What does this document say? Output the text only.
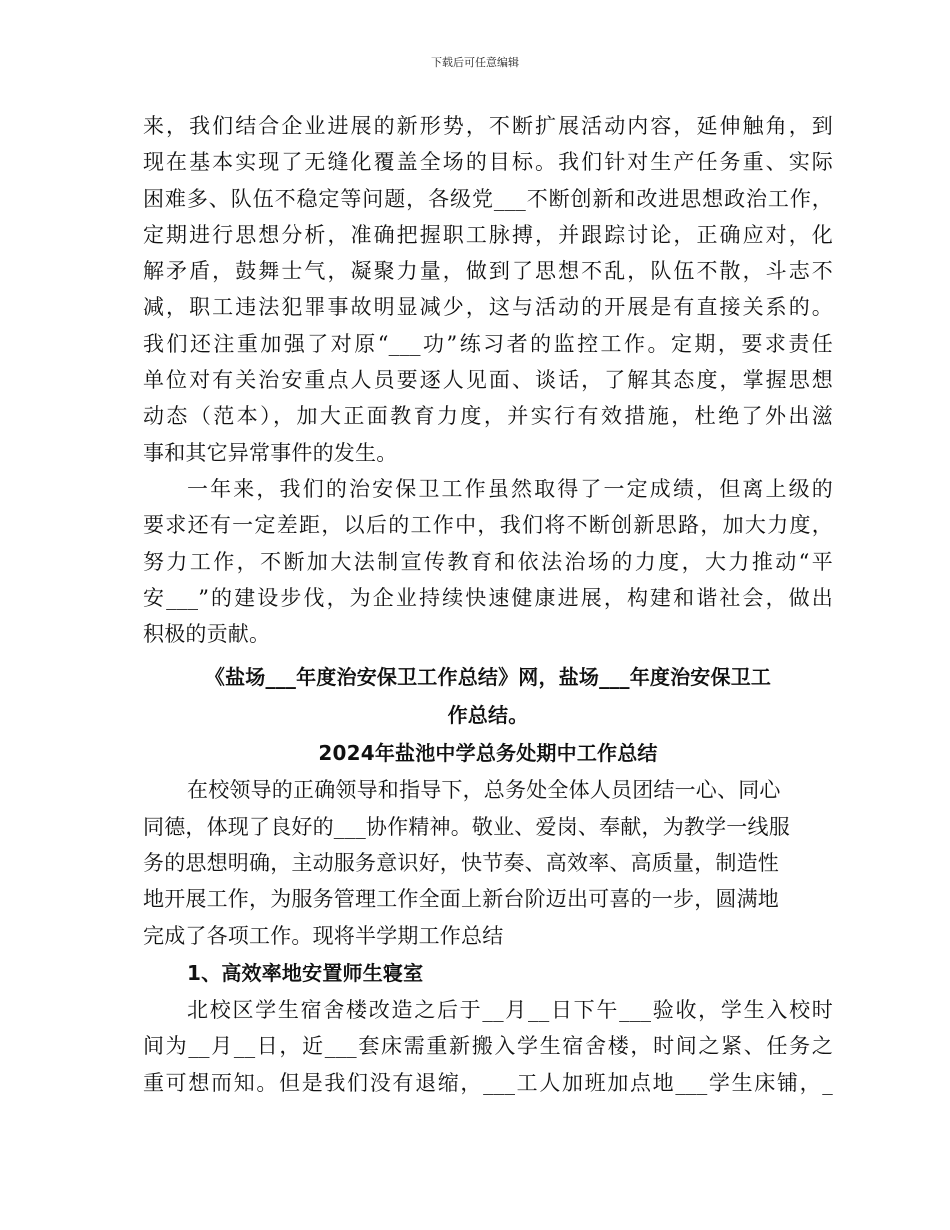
下载后可任意编辑
来，我们结合企业进展的新形势，不断扩展活动内容，延伸触角，到
现在基本实现了无缝化覆盖全场的目标。我们针对生产任务重、实际
困难多、队伍不稳定等问题，各级党___不断创新和改进思想政治工作，
定期进行思想分析，准确把握职工脉搏，并跟踪讨论，正确应对，化
解矛盾，鼓舞士气，凝聚力量，做到了思想不乱，队伍不散，斗志不
减，职工违法犯罪事故明显减少，这与活动的开展是有直接关系的。
我们还注重加强了对原“___功”练习者的监控工作。定期，要求责任
单位对有关治安重点人员要逐人见面、谈话，了解其态度，掌握思想
动态（范本），加大正面教育力度，并实行有效措施，杜绝了外出滋
事和其它异常事件的发生。
一年来，我们的治安保卫工作虽然取得了一定成绩，但离上级的
要求还有一定差距，以后的工作中，我们将不断创新思路，加大力度，
努力工作，不断加大法制宣传教育和依法治场的力度，大力推动“平
安___”的建设步伐，为企业持续快速健康进展，构建和谐社会，做出
积极的贡献。
《盐场___年度治安保卫工作总结》网，盐场___年度治安保卫工
作总结。
2024年盐池中学总务处期中工作总结
在校领导的正确领导和指导下，总务处全体人员团结一心、同心
同德，体现了良好的___协作精神。敬业、爱岗、奉献，为教学一线服
务的思想明确，主动服务意识好，快节奏、高效率、高质量，制造性
地开展工作，为服务管理工作全面上新台阶迈出可喜的一步，圆满地
完成了各项工作。现将半学期工作总结
1、高效率地安置师生寝室
北校区学生宿舍楼改造之后于__月__日下午___验收，学生入校时
间为__月__日，近___套床需重新搬入学生宿舍楼，时间之紧、任务之
重可想而知。但是我们没有退缩，___工人加班加点地___学生床铺，_
